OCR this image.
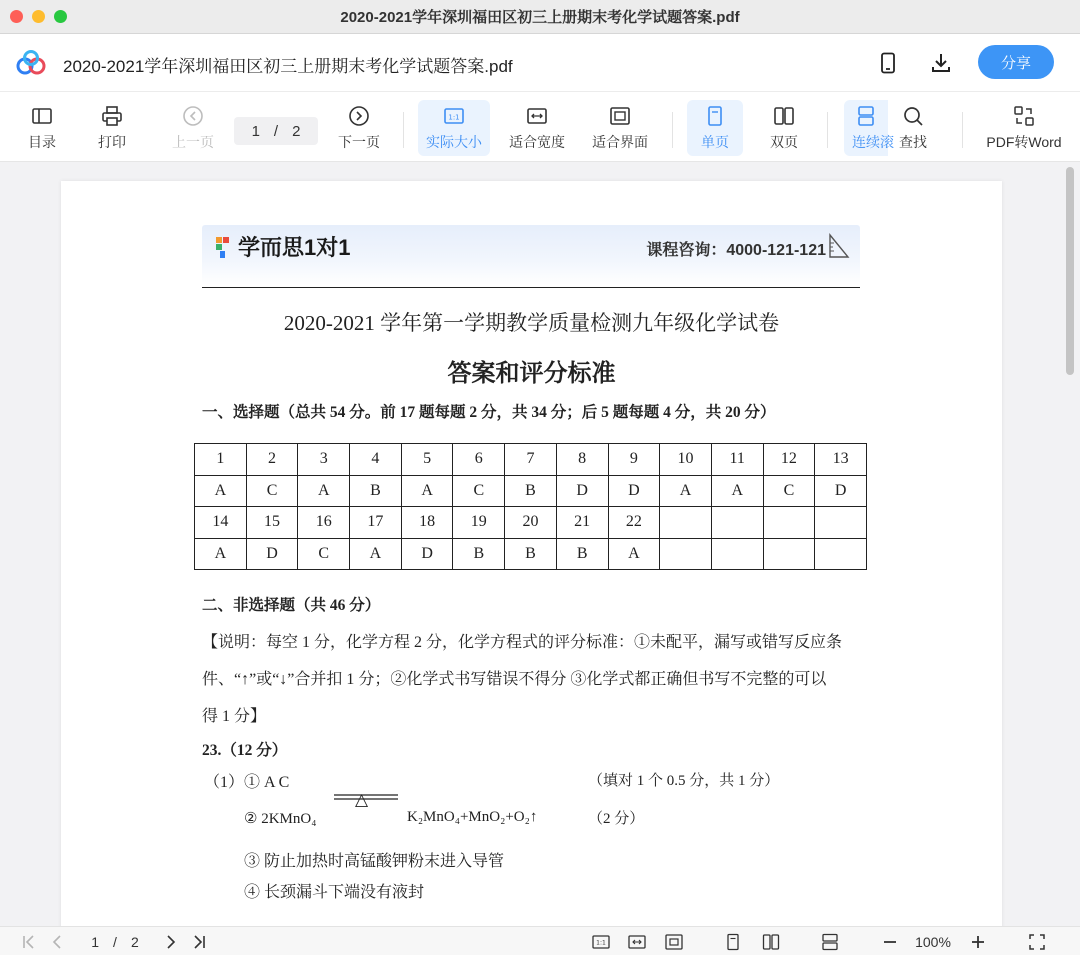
2020-2021学年深圳福田区初三上册期末考化学试题答案.pdf
2020-2021学年深圳福田区初三上册期末考化学试题答案.pdf	分享
目录	打印	上一页	下一页
1:1
实际大小 适合宽度 适合界面	单页	双页	连续滚 查找	PDF转Word
1 / 2
学而思1对1	课程咨询：4000-121-121
2020-2021 学年第一学期教学质量检测九年级化学试卷
答案和评分标准
一、选择题（总共 54 分。前 17 题每题 2 分，共 34 分；后 5 题每题 4 分，共 20 分）
1	2	3	4	5	6	7	8	9	10	11	12	13
A	C	A	B	A	C	B	D	D	A	A	C	D
14	15	16	17	18	19	20	21	22				
A	D	C	A	D	B	B	B	A				
二、非选择题（共 46 分）
【说明：每空 1 分，化学方程 2 分，化学方程式的评分标准：①未配平，漏写或错写反应条
件、“↑”或“↓”合并扣 1 分；②化学式书写错误不得分 ③化学式都正确但书写不完整的可以
得 1 分】
23.（12 分）
（1）① A C	（填对 1 个 0.5 分，共 1 分）
② 2KMnO₄
△
K₂MnO₄+MnO₂+O₂↑	（2 分）
③ 防止加热时高锰酸钾粉末进入导管
④ 长颈漏斗下端没有液封
1 / 2	1:1	100%
